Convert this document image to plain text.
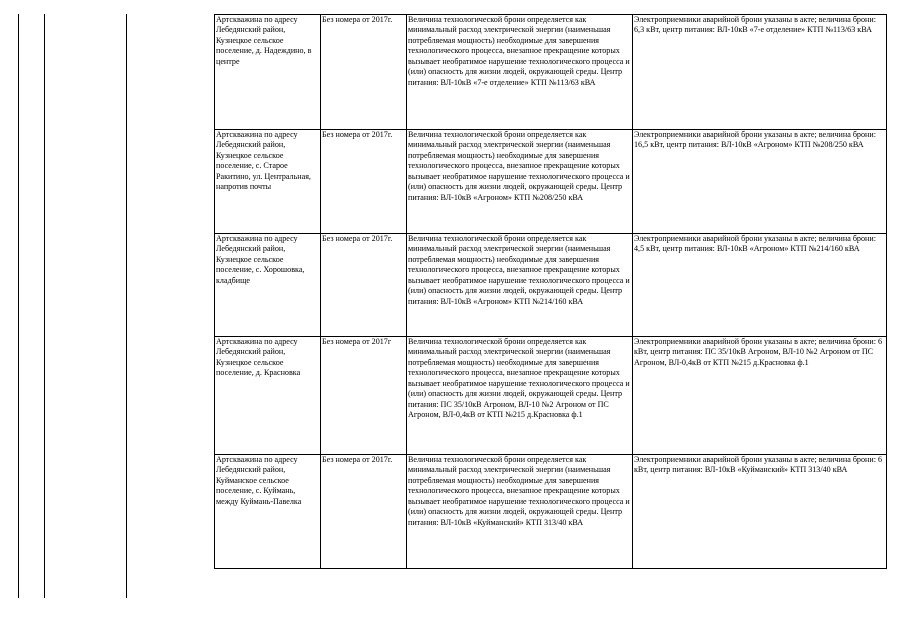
Артскважина по адресу Лебедянский район, Кузнецкое сельское поселение, д. Надеждино, в центре	Без номера от 2017г.	Величина технологической брони определяется как минимальный расход электрической энергии (наименьшая потребляемая мощность) необходимые для завершения технологического процесса, внезапное прекращение которых вызывает необратимое нарушение технологического процесса и (или) опасность для жизни людей, окружающей среды. Центр питания: ВЛ-10кВ «7-е отделение» КТП №113/63 кВА	Электроприемники аварийной брони указаны в акте; величина брони: 6,3 кВт, центр питания: ВЛ-10кВ «7-е отделение» КТП №113/63 кВА
Артскважина по адресу Лебедянский район, Кузнецкое сельское поселение, с. Старое Ракитино, ул. Центральная, напротив почты	Без номера от 2017г.	Величина технологической брони определяется как минимальный расход электрической энергии (наименьшая потребляемая мощность) необходимые для завершения технологического процесса, внезапное прекращение которых вызывает необратимое нарушение технологического процесса и (или) опасность для жизни людей, окружающей среды. Центр питания: ВЛ-10кВ «Агроном» КТП №208/250 кВА	Электроприемники аварийной брони указаны в акте; величина брони: 16,5 кВт, центр питания: ВЛ-10кВ «Агроном» КТП №208/250 кВА
Артскважина по адресу Лебедянский район, Кузнецкое сельское поселение, с. Хорошовка, кладбище	Без номера от 2017г.	Величина технологической брони определяется как минимальный расход электрической энергии (наименьшая потребляемая мощность) необходимые для завершения технологического процесса, внезапное прекращение которых вызывает необратимое нарушение технологического процесса и (или) опасность для жизни людей, окружающей среды. Центр питания: ВЛ-10кВ «Агроном» КТП №214/160 кВА	Электроприемники аварийной брони указаны в акте; величина брони: 4,5 кВт, центр питания: ВЛ-10кВ «Агроном» КТП №214/160 кВА
Артскважина по адресу Лебедянский район, Кузнецкое сельское поселение, д. Красновка	Без номера от 2017г	Величина технологической брони определяется как минимальный расход электрической энергии (наименьшая потребляемая мощность) необходимые для завершения технологического процесса, внезапное прекращение которых вызывает необратимое нарушение технологического процесса и (или) опасность для жизни людей, окружающей среды. Центр питания: ПС 35/10кВ Агроном, ВЛ-10 №2 Агроном от ПС Агроном, ВЛ-0,4кВ от КТП №215 д.Красновка ф.1	Электроприемники аварийной брони указаны в акте; величина брони: 6 кВт, центр питания: ПС 35/10кВ Агроном, ВЛ-10 №2 Агроном от ПС Агроном, ВЛ-0,4кВ от КТП №215 д.Красновка ф.1
Артскважина по адресу Лебедянский район, Куйманское сельское поселение, с. Куймань, между Куймань-Павелка	Без номера от 2017г.	Величина технологической брони определяется как минимальный расход электрической энергии (наименьшая потребляемая мощность) необходимые для завершения технологического процесса, внезапное прекращение которых вызывает необратимое нарушение технологического процесса и (или) опасность для жизни людей, окружающей среды. Центр питания: ВЛ-10кВ «Куйманский» КТП 313/40 кВА	Электроприемники аварийной брони указаны в акте; величина брони: 6 кВт, центр питания: ВЛ-10кВ «Куйманский» КТП 313/40 кВА
